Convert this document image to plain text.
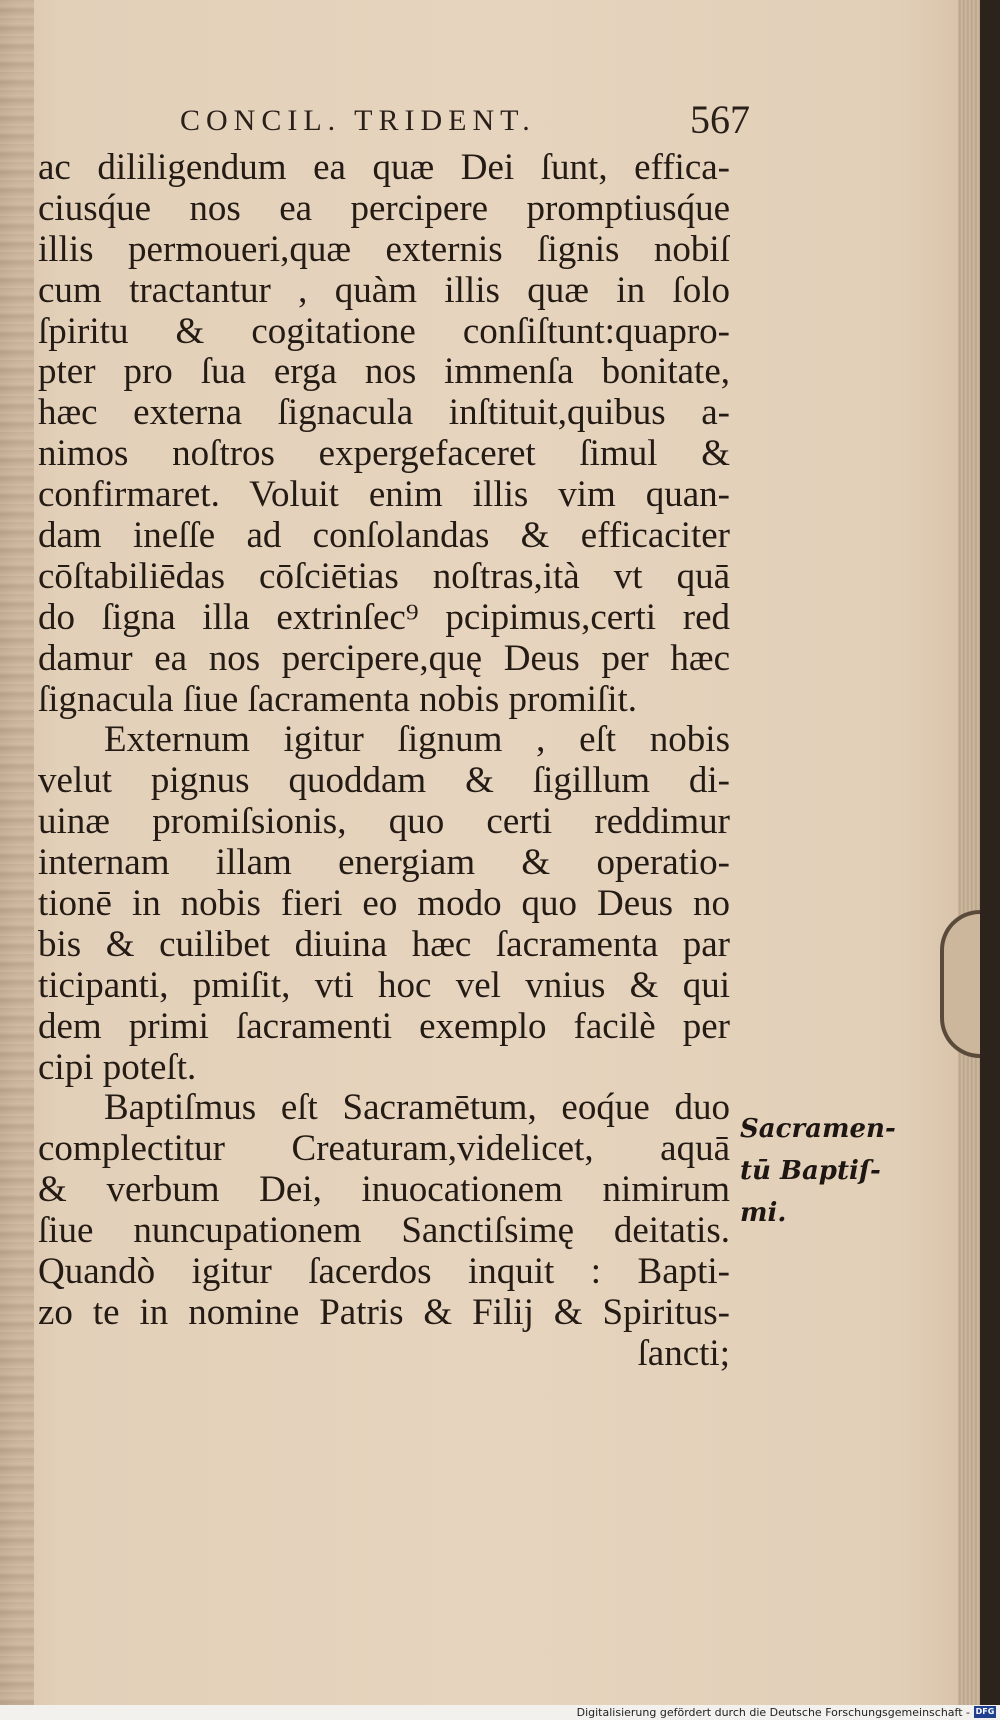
CONCIL. TRIDENT.	567
ac dililigendum ea quæ Dei ſunt, effica-
ciusq́ue nos ea percipere promptiusq́ue
illis permoueri,quæ externis ſignis nobiſ
cum tractantur , quàm illis quæ in ſolo
ſpiritu & cogitatione conſiſtunt:quapro-
pter pro ſua erga nos immenſa bonitate,
hæc externa ſignacula inſtituit,quibus a-
nimos noſtros expergefaceret ſimul &
confirmaret. Voluit enim illis vim quan-
dam ineſſe ad conſolandas & efficaciter
cōſtabiliēdas cōſciētias noſtras,ità vt quā
do ſigna illa extrinſec⁹ pcipimus,certi red
damur ea nos percipere,quę Deus per hæc
ſignacula ſiue ſacramenta nobis promiſit.
Externum igitur ſignum , eſt nobis
velut pignus quoddam & ſigillum di-
uinæ promiſsionis, quo certi reddimur
internam illam energiam & operatio-
tionē in nobis fieri eo modo quo Deus no
bis & cuilibet diuina hæc ſacramenta par
ticipanti, pmiſit, vti hoc vel vnius & qui
dem primi ſacramenti exemplo facilè per
cipi poteſt.
Baptiſmus eſt Sacramētum, eoq́ue duo
complectitur Creaturam,videlicet, aquā
& verbum Dei, inuocationem nimirum
ſiue nuncupationem Sanctiſsimę deitatis.
Quandò igitur ſacerdos inquit : Bapti-
zo te in nomine Patris & Filij & Spiritus-
ſancti;
Sacramen-
tū Baptiſ-
mi.
Digitalisierung gefördert durch die Deutsche Forschungsgemeinschaft - DFG
